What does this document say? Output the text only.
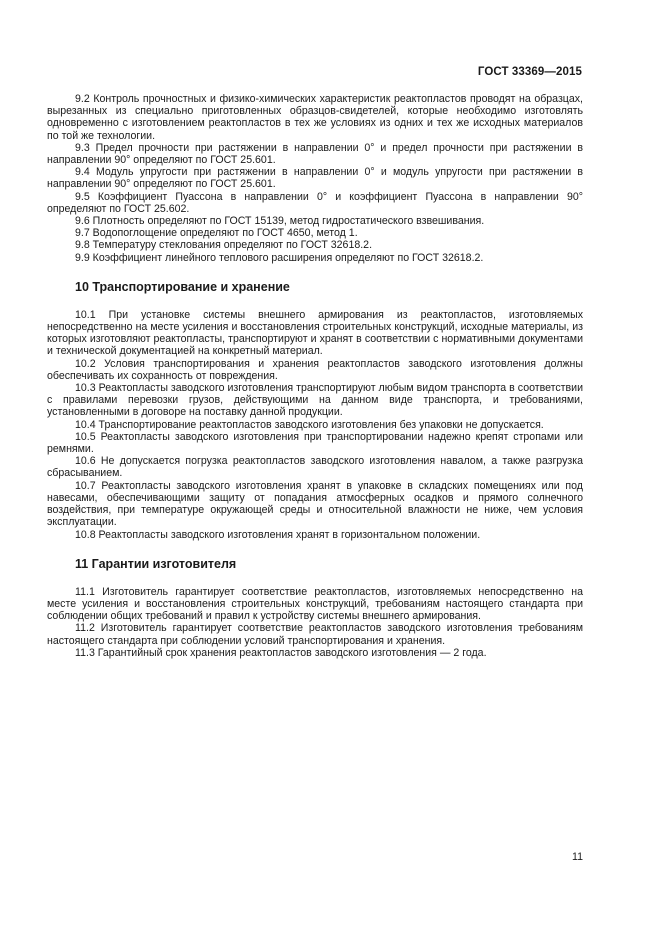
ГОСТ 33369—2015

9.2 Контроль прочностных и физико-химических характеристик реактопластов проводят на образцах, вырезанных из специально приготовленных образцов-свидетелей, которые необходимо изготовлять одновременно с изготовлением реактопластов в тех же условиях из одних и тех же исходных материалов по той же технологии.

9.3 Предел прочности при растяжении в направлении 0° и предел прочности при растяжении в направлении 90° определяют по ГОСТ 25.601.

9.4 Модуль упругости при растяжении в направлении 0° и модуль упругости при растяжении в направлении 90° определяют по ГОСТ 25.601.

9.5 Коэффициент Пуассона в направлении 0° и коэффициент Пуассона в направлении 90° определяют по ГОСТ 25.602.

9.6 Плотность определяют по ГОСТ 15139, метод гидростатического взвешивания.

9.7 Водопоглощение определяют по ГОСТ 4650, метод 1.

9.8 Температуру стеклования определяют по ГОСТ 32618.2.

9.9 Коэффициент линейного теплового расширения определяют по ГОСТ 32618.2.

10 Транспортирование и хранение

10.1 При установке системы внешнего армирования из реактопластов, изготовляемых непосредственно на месте усиления и восстановления строительных конструкций, исходные материалы, из которых изготовляют реактопласты, транспортируют и хранят в соответствии с нормативными документами и технической документацией на конкретный материал.

10.2 Условия транспортирования и хранения реактопластов заводского изготовления должны обеспечивать их сохранность от повреждения.

10.3 Реактопласты заводского изготовления транспортируют любым видом транспорта в соответствии с правилами перевозки грузов, действующими на данном виде транспорта, и требованиями, установленными в договоре на поставку данной продукции.

10.4 Транспортирование реактопластов заводского изготовления без упаковки не допускается.

10.5 Реактопласты заводского изготовления при транспортировании надежно крепят стропами или ремнями.

10.6 Не допускается погрузка реактопластов заводского изготовления навалом, а также разгрузка сбрасыванием.

10.7 Реактопласты заводского изготовления хранят в упаковке в складских помещениях или под навесами, обеспечивающими защиту от попадания атмосферных осадков и прямого солнечного воздействия, при температуре окружающей среды и относительной влажности не ниже, чем условия эксплуатации.

10.8 Реактопласты заводского изготовления хранят в горизонтальном положении.

11 Гарантии изготовителя

11.1 Изготовитель гарантирует соответствие реактопластов, изготовляемых непосредственно на месте усиления и восстановления строительных конструкций, требованиям настоящего стандарта при соблюдении общих требований и правил к устройству системы внешнего армирования.

11.2 Изготовитель гарантирует соответствие реактопластов заводского изготовления требованиям настоящего стандарта при соблюдении условий транспортирования и хранения.

11.3 Гарантийный срок хранения реактопластов заводского изготовления — 2 года.

11
